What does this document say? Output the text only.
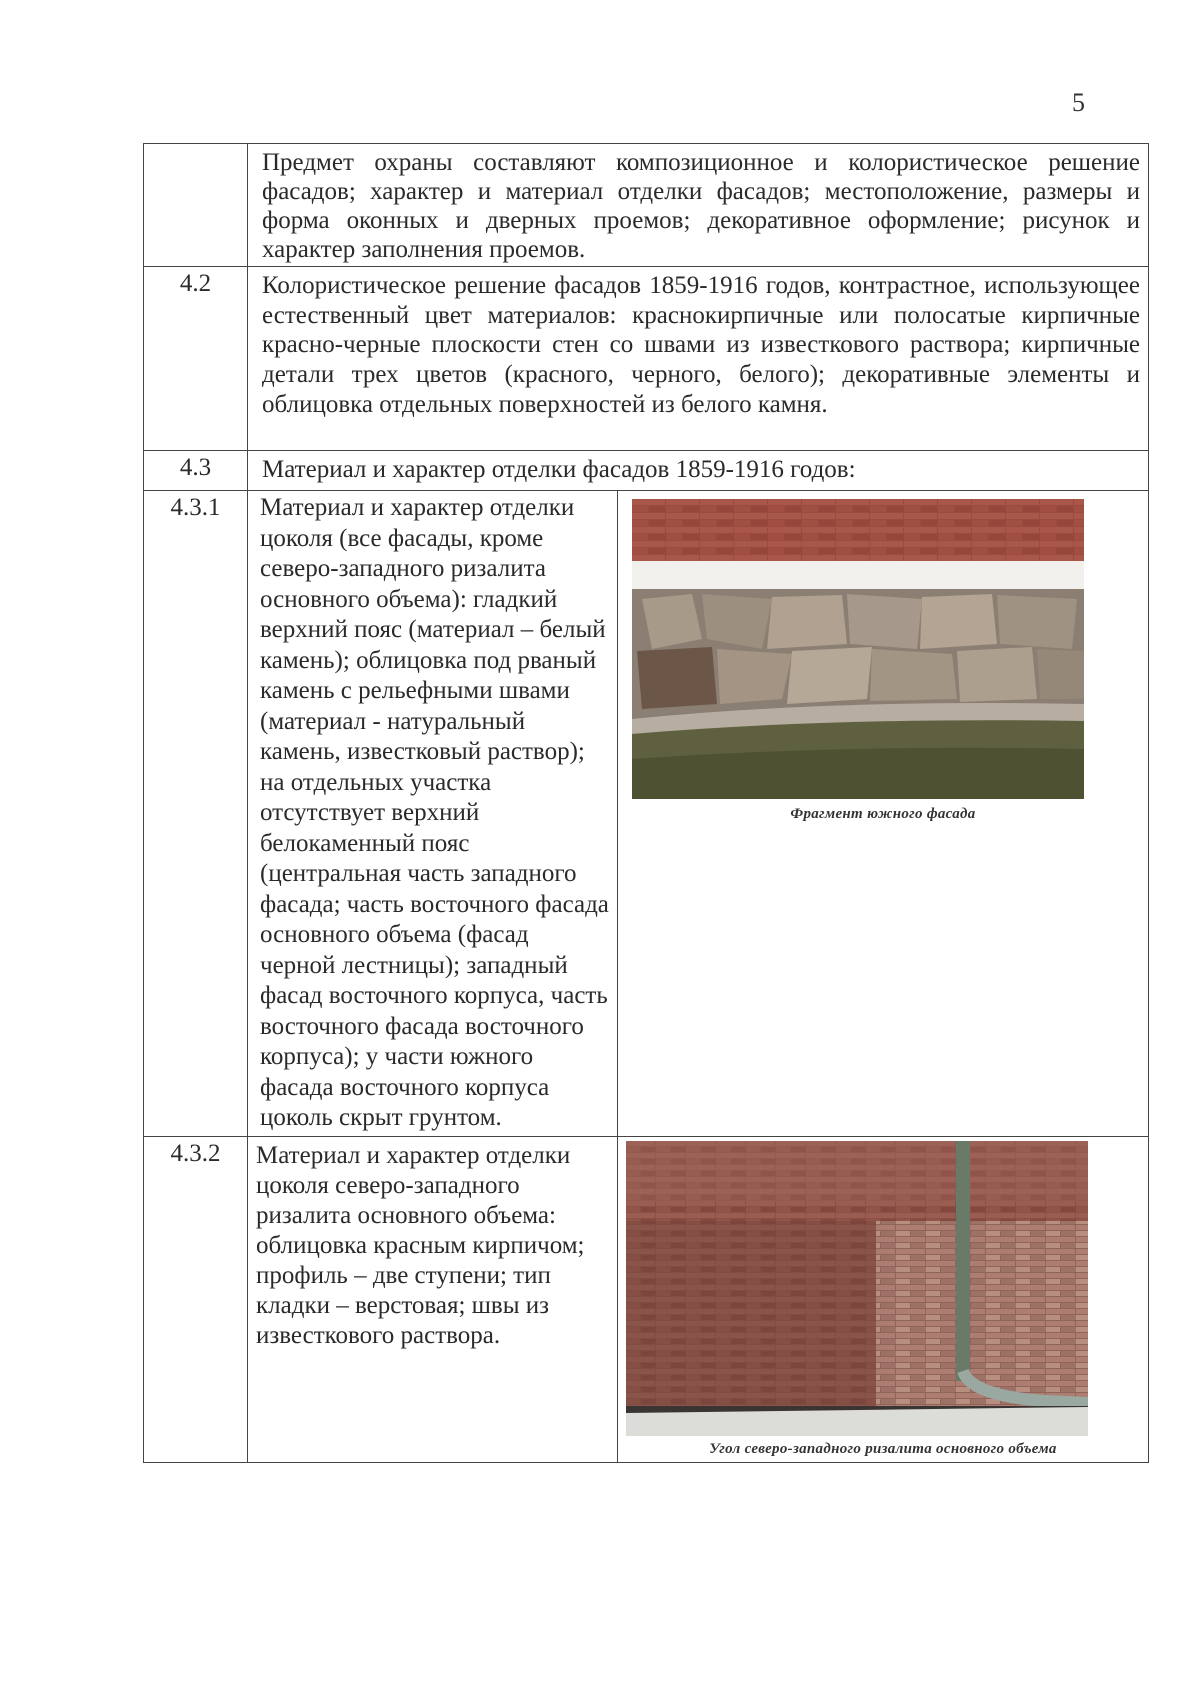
5
	Предмет охраны составляют композиционное и колористическое решение фасадов; характер и материал отделки фасадов; местоположение, размеры и форма оконных и дверных проемов; декоративное оформление; рисунок и характер заполнения проемов.	
4.2	Колористическое решение фасадов 1859-1916 годов, контрастное, использующее естественный цвет материалов: краснокирпичные или полосатые кирпичные красно-черные плоскости стен со швами из известкового раствора; кирпичные детали трех цветов (красного, черного, белого); декоративные элементы и облицовка отдельных поверхностей из белого камня.	
4.3	Материал и характер отделки фасадов 1859-1916 годов:	
4.3.1	Материал и характер отделки цоколя (все фасады, кроме северо-западного ризалита основного объема): гладкий верхний пояс (материал – белый камень); облицовка под рваный камень с рельефными швами (материал - натуральный камень, известковый раствор); на отдельных участка отсутствует верхний белокаменный пояс (центральная часть западного фасада; часть восточного фасада основного объема (фасад черной лестницы); западный фасад восточного корпуса, часть восточного фасада восточного корпуса); у части южного фасада восточного корпуса цоколь скрыт грунтом.	Фрагмент южного фасада

4.3.2	Материал и характер отделки цоколя северо-западного ризалита основного объема: облицовка красным кирпичом; профиль – две ступени; тип кладки – верстовая; швы из известкового раствора.	Угол северо-западного ризалита основного объема
